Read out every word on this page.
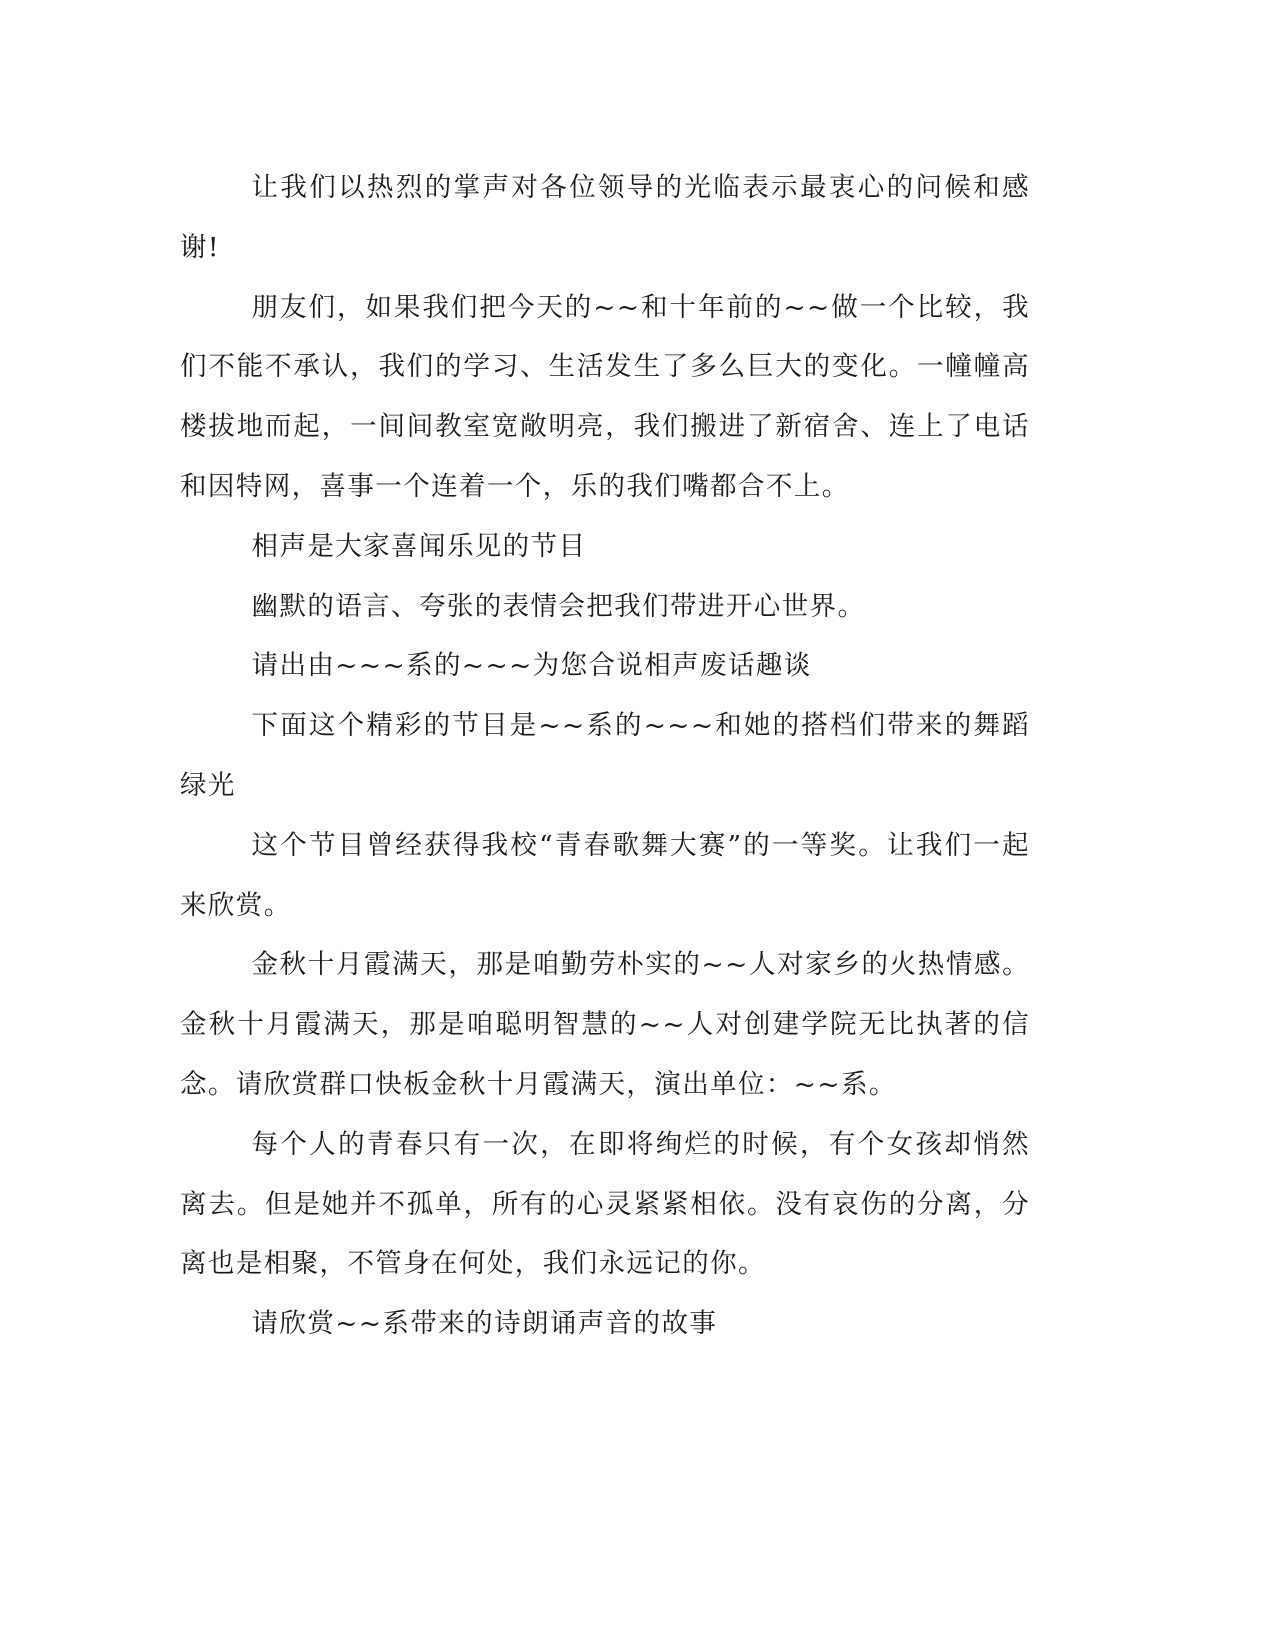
让我们以热烈的掌声对各位领导的光临表示最衷心的问候和感谢!

朋友们，如果我们把今天的~~和十年前的~~做一个比较，我们不能不承认，我们的学习、生活发生了多么巨大的变化。一幢幢高楼拔地而起，一间间教室宽敞明亮，我们搬进了新宿舍、连上了电话和因特网，喜事一个连着一个，乐的我们嘴都合不上。

相声是大家喜闻乐见的节目

幽默的语言、夸张的表情会把我们带进开心世界。

请出由~~~系的~~~为您合说相声废话趣谈

下面这个精彩的节目是~~系的~~~和她的搭档们带来的舞蹈绿光

这个节目曾经获得我校“青春歌舞大赛”的一等奖。让我们一起来欣赏。

金秋十月霞满天，那是咱勤劳朴实的~~人对家乡的火热情感。金秋十月霞满天，那是咱聪明智慧的~~人对创建学院无比执著的信念。请欣赏群口快板金秋十月霞满天，演出单位：~~系。

每个人的青春只有一次，在即将绚烂的时候，有个女孩却悄然离去。但是她并不孤单，所有的心灵紧紧相依。没有哀伤的分离，分离也是相聚，不管身在何处，我们永远记的你。

请欣赏~~系带来的诗朗诵声音的故事
